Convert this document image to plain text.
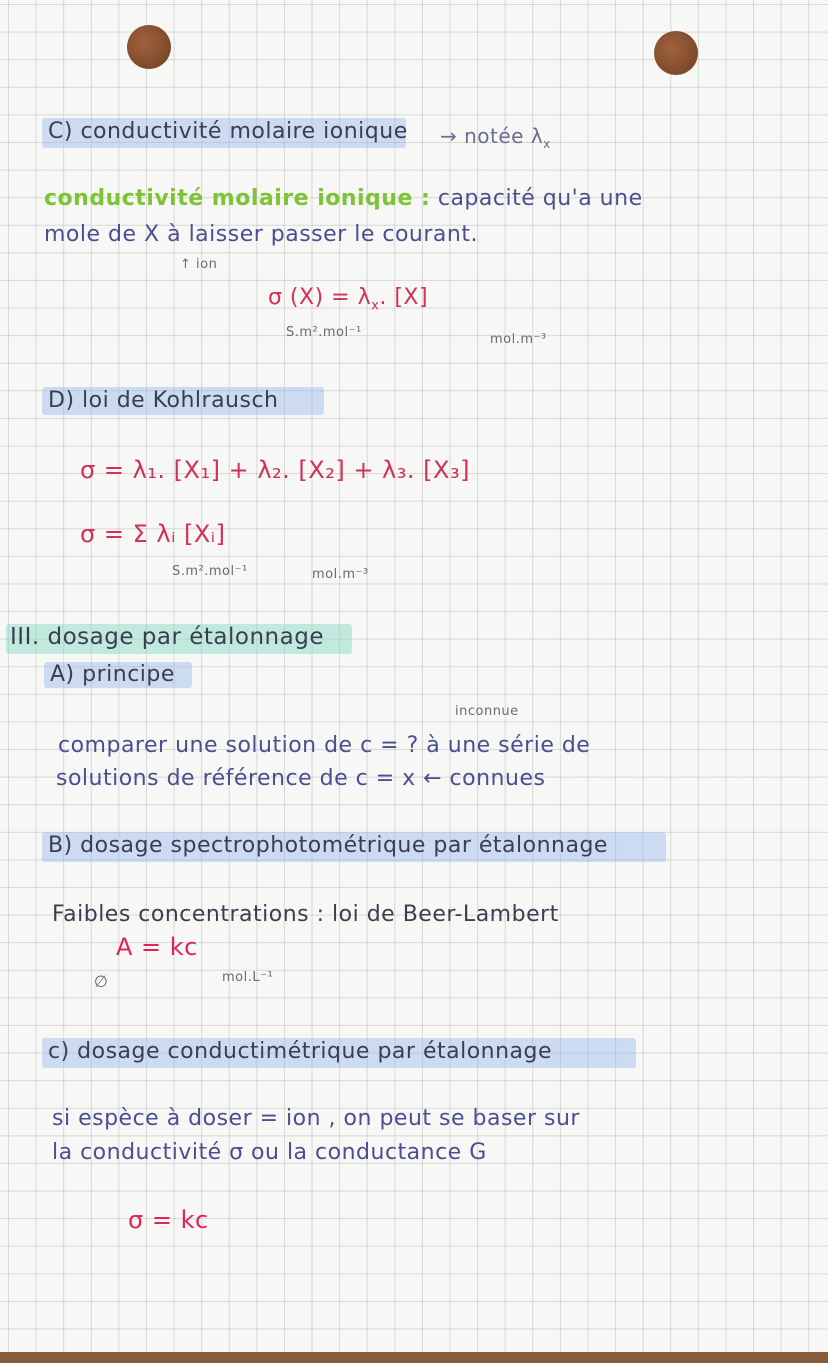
C) conductivité molaire ionique → notée $\lambda_x$
conductivité molaire ionique : capacité qu'a une
mole de X à laisser passer le courant.
↑ ion
σ $(X) = \lambda_x$. [X]
S.m².mol⁻¹	mol.m⁻³
D) loi de Kohlrausch
σ = λ₁. [X₁] + λ₂. [X₂] + λ₃. [X₃]
σ = Σ λᵢ [Xᵢ]
S.m².mol⁻¹	mol.m⁻³
III. dosage par étalonnage
A) principe
inconnue
comparer une solution de c = ? à une série de
solutions de référence de c = x ← connues
B) dosage spectrophotométrique par étalonnage
Faibles concentrations : loi de Beer-Lambert
A = kc
mol.L⁻¹
∅
c) dosage conductimétrique par étalonnage
si espèce à doser = ion , on peut se baser sur
la conductivité σ ou la conductance G
σ = kc
